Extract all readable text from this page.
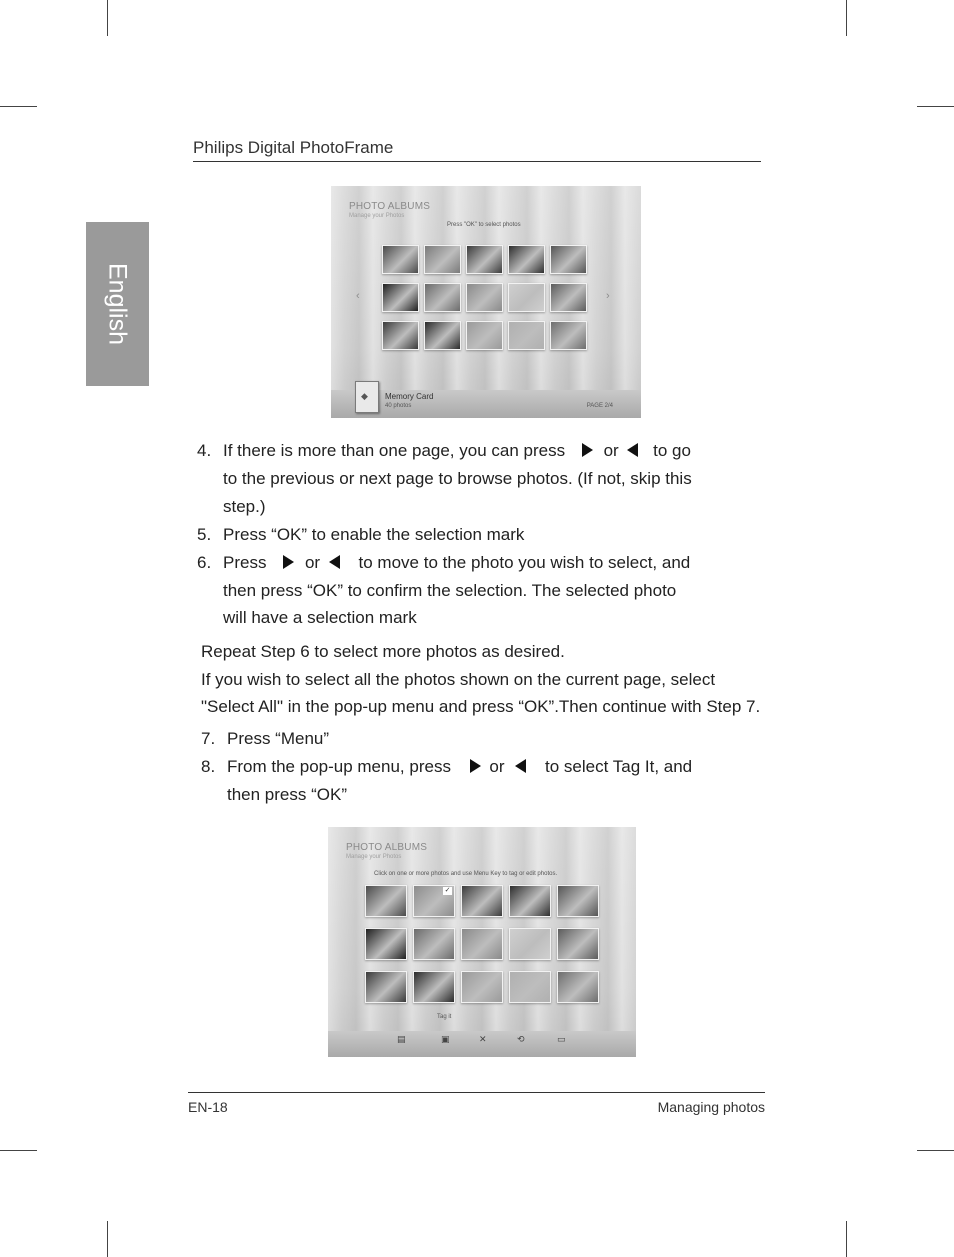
Philips Digital PhotoFrame
English
PHOTO ALBUMS
Manage your Photos
Press "OK" to select photos
‹	›
◆ Memory Card
40 photos	PAGE 2/4
4. If there is more than one page, you can press or to go
to the previous or next page to browse photos. (If not, skip this
step.)
5. Press “OK” to enable the selection mark
6. Press or to move to the photo you wish to select, and
then press “OK” to confirm the selection. The selected photo
will have a selection mark
Repeat Step 6 to select more photos as desired.
If you wish to select all the photos shown on the current page, select
"Select All" in the pop-up menu and press “OK”.Then continue with Step 7.
7. Press “Menu”
8. From the pop-up menu, press or to select Tag It, and
then press “OK”
PHOTO ALBUMS
Manage your Photos
Click on one or more photos and use Menu Key to tag or edit photos.
✓
Tag it
▤	▣	✕	⟲	▭
EN-18	Managing photos
